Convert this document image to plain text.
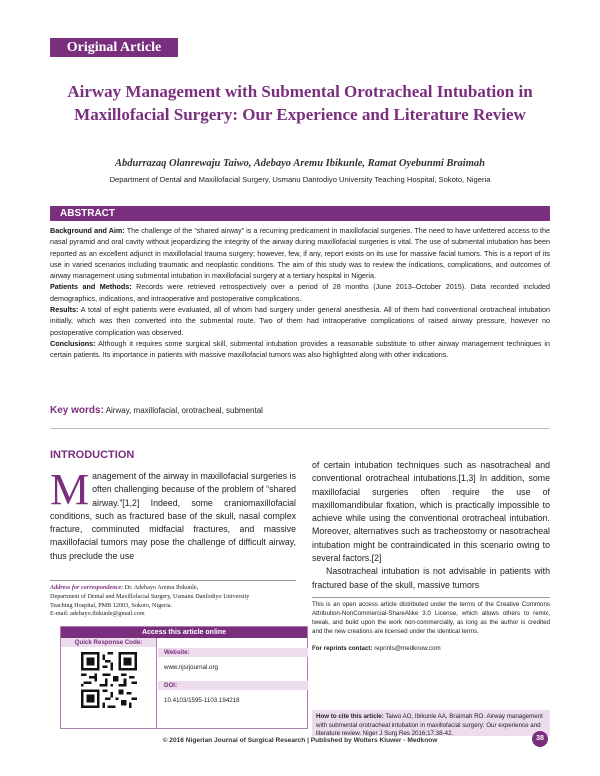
Original Article
Airway Management with Submental Orotracheal Intubation in Maxillofacial Surgery: Our Experience and Literature Review
Abdurrazaq Olanrewaju Taiwo, Adebayo Aremu Ibikunle, Ramat Oyebunmi Braimah
Department of Dental and Maxillofacial Surgery, Usmanu Dantodiyo University Teaching Hospital, Sokoto, Nigeria
ABSTRACT

Background and Aim: The challenge of the “shared airway” is a recurring predicament in maxillofacial surgeries. The need to have unfettered access to the nasal pyramid and oral cavity without jeopardizing the integrity of the airway during maxillofacial surgeries is vital. The use of submental intubation has been reported as an excellent adjunct in maxillofacial trauma surgery; however, few, if any, report exists on its use for massive facial tumors. This is a report of its use in varied scenarios including traumatic and neoplastic conditions. The aim of this study was to review the indications, complications, and outcomes of airway management using submental intubation in maxillofacial surgery at a tertiary hospital in Nigeria.

Patients and Methods: Records were retrieved retrospectively over a period of 28 months (June 2013–October 2015). Data recorded included demographics, indications, and intraoperative and postoperative complications.

Results: A total of eight patients were evaluated, all of whom had surgery under general anesthesia. All of them had conventional orotracheal intubation initially, which was then converted into the submental route. Two of them had intraoperative complications of raised airway pressure, however no postoperative complication was observed.

Conclusions: Although it requires some surgical skill, submental intubation provides a reasonable substitute to other airway management techniques in certain patients. Its importance in patients with massive maxillofacial tumors was also highlighted along with other indications.

Key words: Airway, maxillofacial, orotracheal, submental
INTRODUCTION
Management of the airway in maxillofacial surgeries is often challenging because of the problem of “shared airway.”[1,2] Indeed, some craniomaxillofacial conditions, such as fractured base of the skull, nasal complex fracture, comminuted midfacial fractures, and massive maxillofacial tumors may pose the challenge of difficult airway, thus preclude the use

of certain intubation techniques such as nasotracheal and conventional orotracheal intubations.[1,3] In addition, some maxillofacial surgeries often require the use of maxillomandibular fixation, which is practically impossible to achieve while using the conventional orotracheal intubation. Moreover, alternatives such as tracheostomy or nasotracheal intubation might be contraindicated in this scenario owing to several factors.[2]

Nasotracheal intubation is not advisable in patients with fractured base of the skull, massive tumors

Address for correspondence: Dr. Adebayo Aremu Ibikunle,
Department of Dental and Maxillofacial Surgery, Usmanu Danfodiyo University
Teaching Hospital, PMB 12003, Sokoto, Nigeria.
E-mail: adebayo.ibikunle@gmail.com
Access this article online
Quick Response Code:
Website:
www.njsrjournal.org
DOI:
10.4103/1595-1103.194218
This is an open access article distributed under the terms of the Creative Commons Attribution-NonCommercial-ShareAlike 3.0 License, which allows others to remix, tweak, and build upon the work non-commercially, as long as the author is credited and the new creations are licensed under the identical terms.
For reprints contact: reprints@medknow.com
How to cite this article: Taiwo AO, Ibikunle AA, Braimah RO. Airway management with submental orotracheal intubation in maxillofacial surgery: Our experience and literature review. Niger J Surg Res 2016;17:38-42.
© 2016 Nigerian Journal of Surgical Research | Published by Wolters Kluwer - Medknow	38
